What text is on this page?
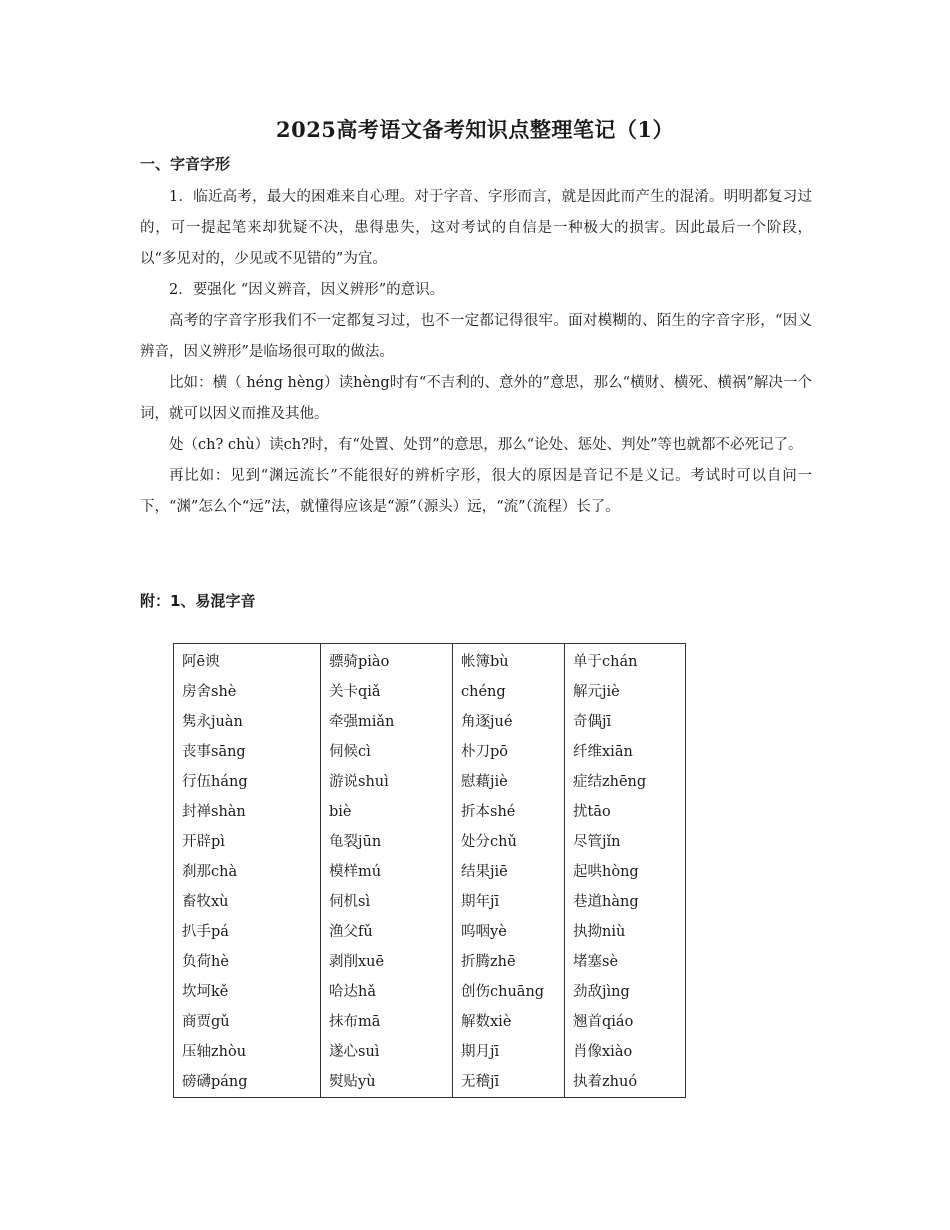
2025高考语文备考知识点整理笔记（1）
一、字音字形

1．临近高考，最大的困难来自心理。对于字音、字形而言，就是因此而产生的混淆。明明都复习过的，可一提起笔来却犹疑不决，患得患失，这对考试的自信是一种极大的损害。因此最后一个阶段，以“多见对的，少见或不见错的”为宜。

2．要强化 “因义辨音，因义辨形”的意识。

高考的字音字形我们不一定都复习过，也不一定都记得很牢。面对模糊的、陌生的字音字形，“因义辨音，因义辨形”是临场很可取的做法。

比如：横（ héng hèng）读hèng时有“不吉利的、意外的”意思，那么“横财、横死、横祸”解决一个词，就可以因义而推及其他。

处（ch? chù）读ch?时，有“处置、处罚”的意思，那么“论处、惩处、判处”等也就都不必死记了。

再比如：见到“渊远流长”不能很好的辨析字形，很大的原因是音记不是义记。考试时可以自问一下，“渊”怎么个“远”法，就懂得应该是“源”（源头）远，“流”（流程）长了。

附：1、易混字音
阿ē谀	骠骑piào	帐簿bù	单于chán
房舍shè	关卡qiǎ	chéng	解元jiè
隽永juàn	牵强miǎn	角逐jué	奇偶jī
丧事sāng	伺候cì	朴刀pō	纤维xiān
行伍háng	游说shuì	慰藉jiè	症结zhēng
封禅shàn	biè	折本shé	扰tāo
开辟pì	龟裂jūn	处分chǔ	尽管jǐn
刹那chà	模样mú	结果jiē	起哄hòng
畜牧xù	伺机sì	期年jī	巷道hàng
扒手pá	渔父fǔ	呜咽yè	执拗niù
负荷hè	剥削xuē	折腾zhē	堵塞sè
坎坷kě	哈达hǎ	创伤chuāng	劲敌jìng
商贾gǔ	抹布mā	解数xiè	翘首qiáo
压轴zhòu	遂心suì	期月jī	肖像xiào
磅礴páng	熨贴yù	无稽jī	执着zhuó
